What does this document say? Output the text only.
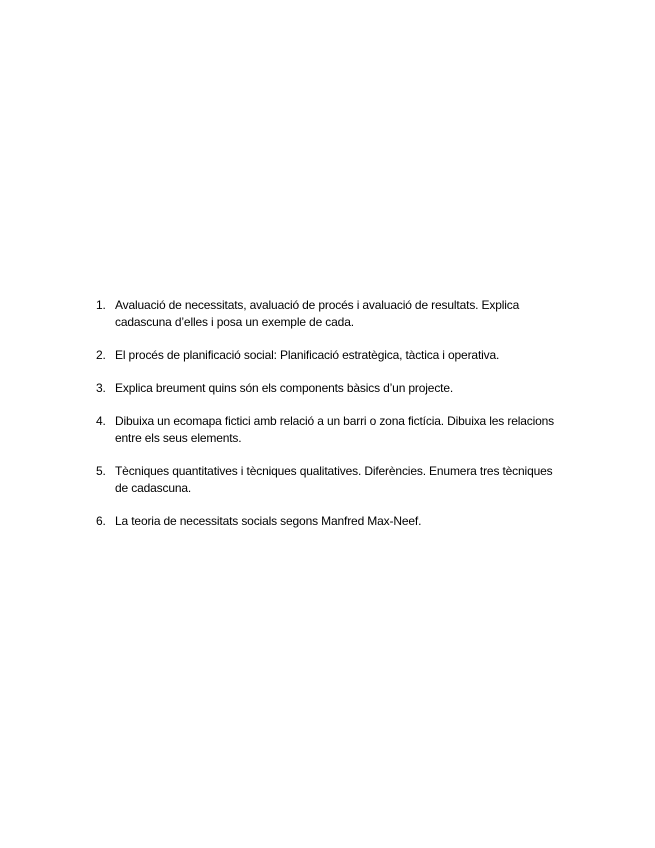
1. Avaluació de necessitats, avaluació de procés i avaluació de resultats. Explica cadascuna d’elles i posa un exemple de cada.
2. El procés de planificació social: Planificació estratègica, tàctica i operativa.
3. Explica breument quins són els components bàsics d’un projecte.
4. Dibuixa un ecomapa fictici amb relació a un barri o zona fictícia. Dibuixa les relacions entre els seus elements.
5. Tècniques quantitatives i tècniques qualitatives. Diferències. Enumera tres tècniques de cadascuna.
6. La teoria de necessitats socials segons Manfred Max-Neef.
